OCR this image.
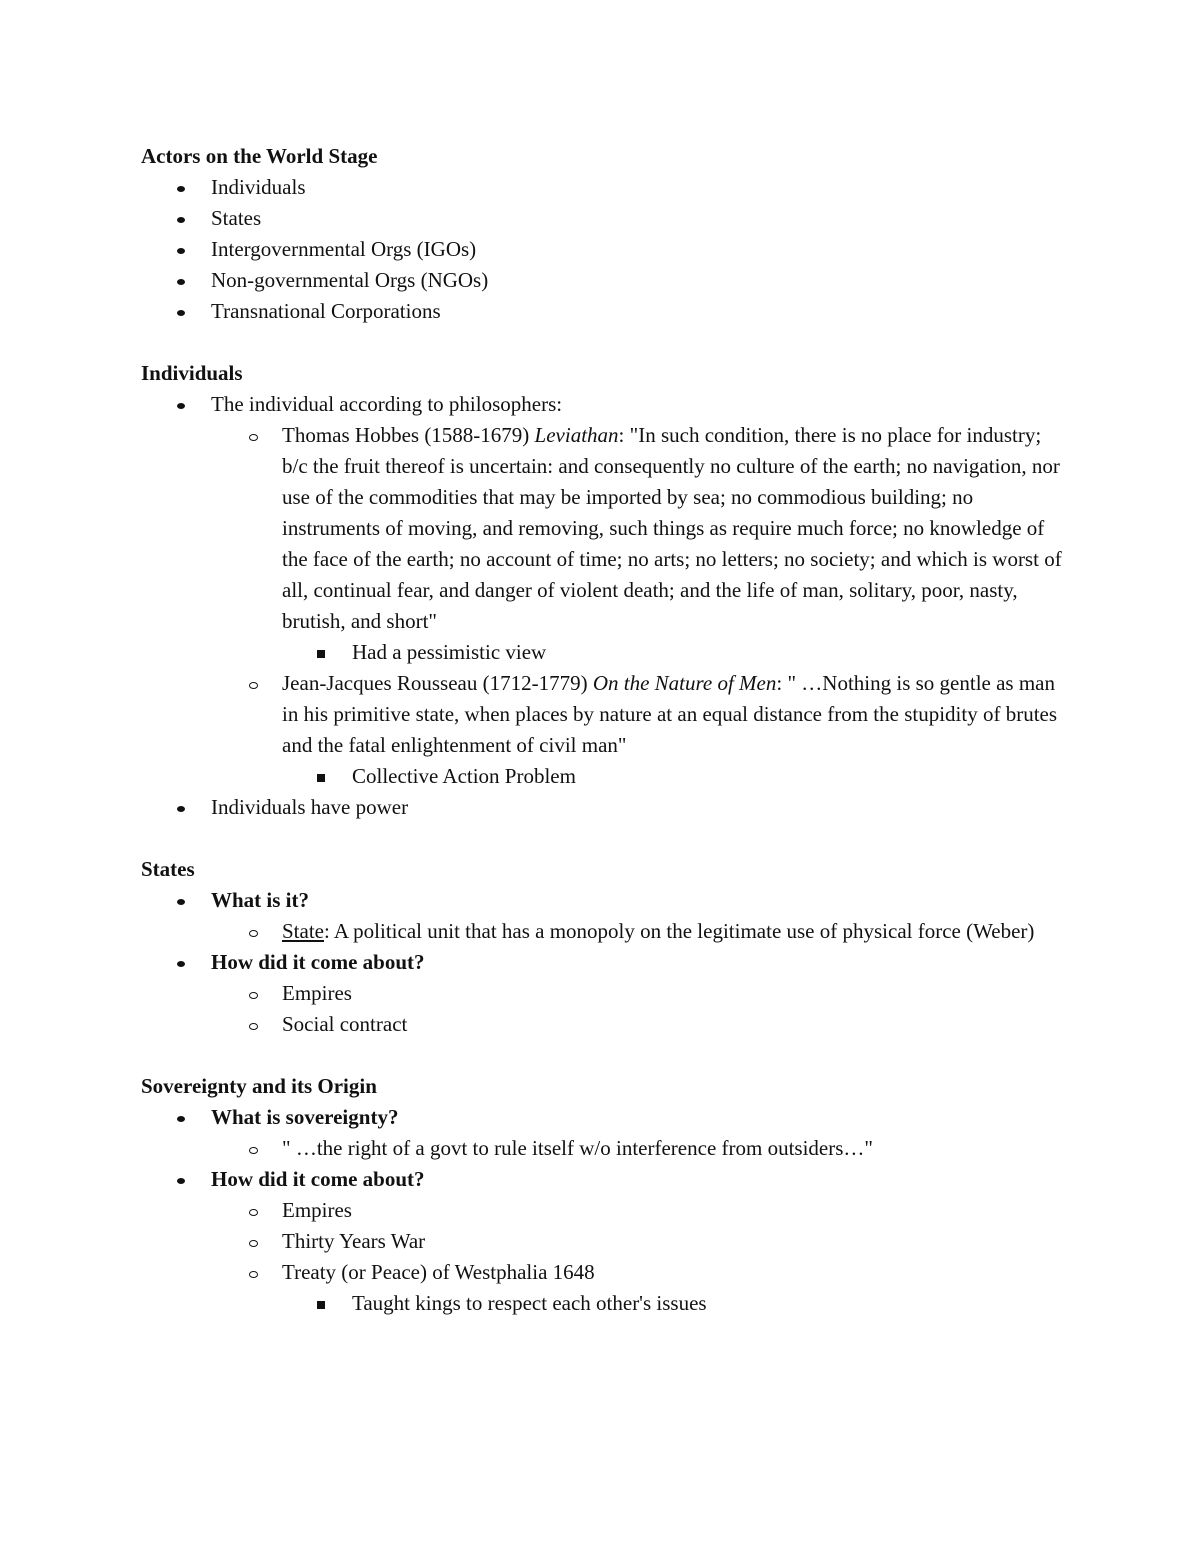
Actors on the World Stage

Individuals
States
Intergovernmental Orgs (IGOs)
Non-governmental Orgs (NGOs)
Transnational Corporations

Individuals

The individual according to philosophers:
Thomas Hobbes (1588-1679) Leviathan: "In such condition, there is no place for industry; b/c the fruit thereof is uncertain: and consequently no culture of the earth; no navigation, nor use of the commodities that may be imported by sea; no commodious building; no instruments of moving, and removing, such things as require much force; no knowledge of the face of the earth; no account of time; no arts; no letters; no society; and which is worst of all, continual fear, and danger of violent death; and the life of man, solitary, poor, nasty, brutish, and short"
Had a pessimistic view
Jean-Jacques Rousseau (1712-1779) On the Nature of Men: " …Nothing is so gentle as man in his primitive state, when places by nature at an equal distance from the stupidity of brutes and the fatal enlightenment of civil man"
Collective Action Problem
Individuals have power

States

What is it?
State: A political unit that has a monopoly on the legitimate use of physical force (Weber)
How did it come about?
Empires
Social contract

Sovereignty and its Origin

What is sovereignty?
" …the right of a govt to rule itself w/o interference from outsiders…"
How did it come about?
Empires
Thirty Years War
Treaty (or Peace) of Westphalia 1648
Taught kings to respect each other's issues
